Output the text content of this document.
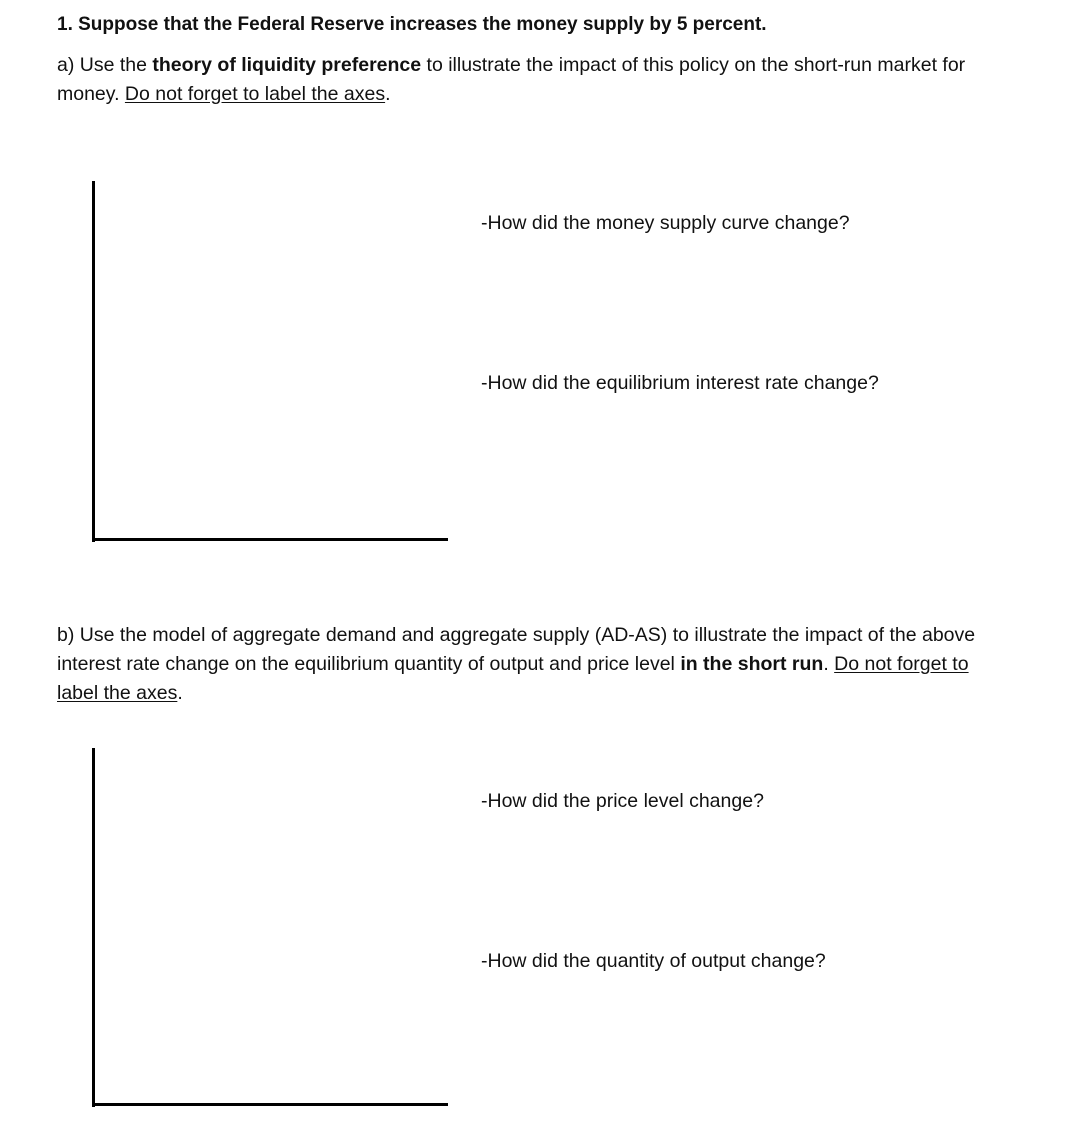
1. Suppose that the Federal Reserve increases the money supply by 5 percent.
a) Use the theory of liquidity preference to illustrate the impact of this policy on the short-run market for money. Do not forget to label the axes.
-How did the money supply curve change?
-How did the equilibrium interest rate change?
b) Use the model of aggregate demand and aggregate supply (AD-AS) to illustrate the impact of the above interest rate change on the equilibrium quantity of output and price level in the short run. Do not forget to label the axes.
-How did the price level change?
-How did the quantity of output change?
